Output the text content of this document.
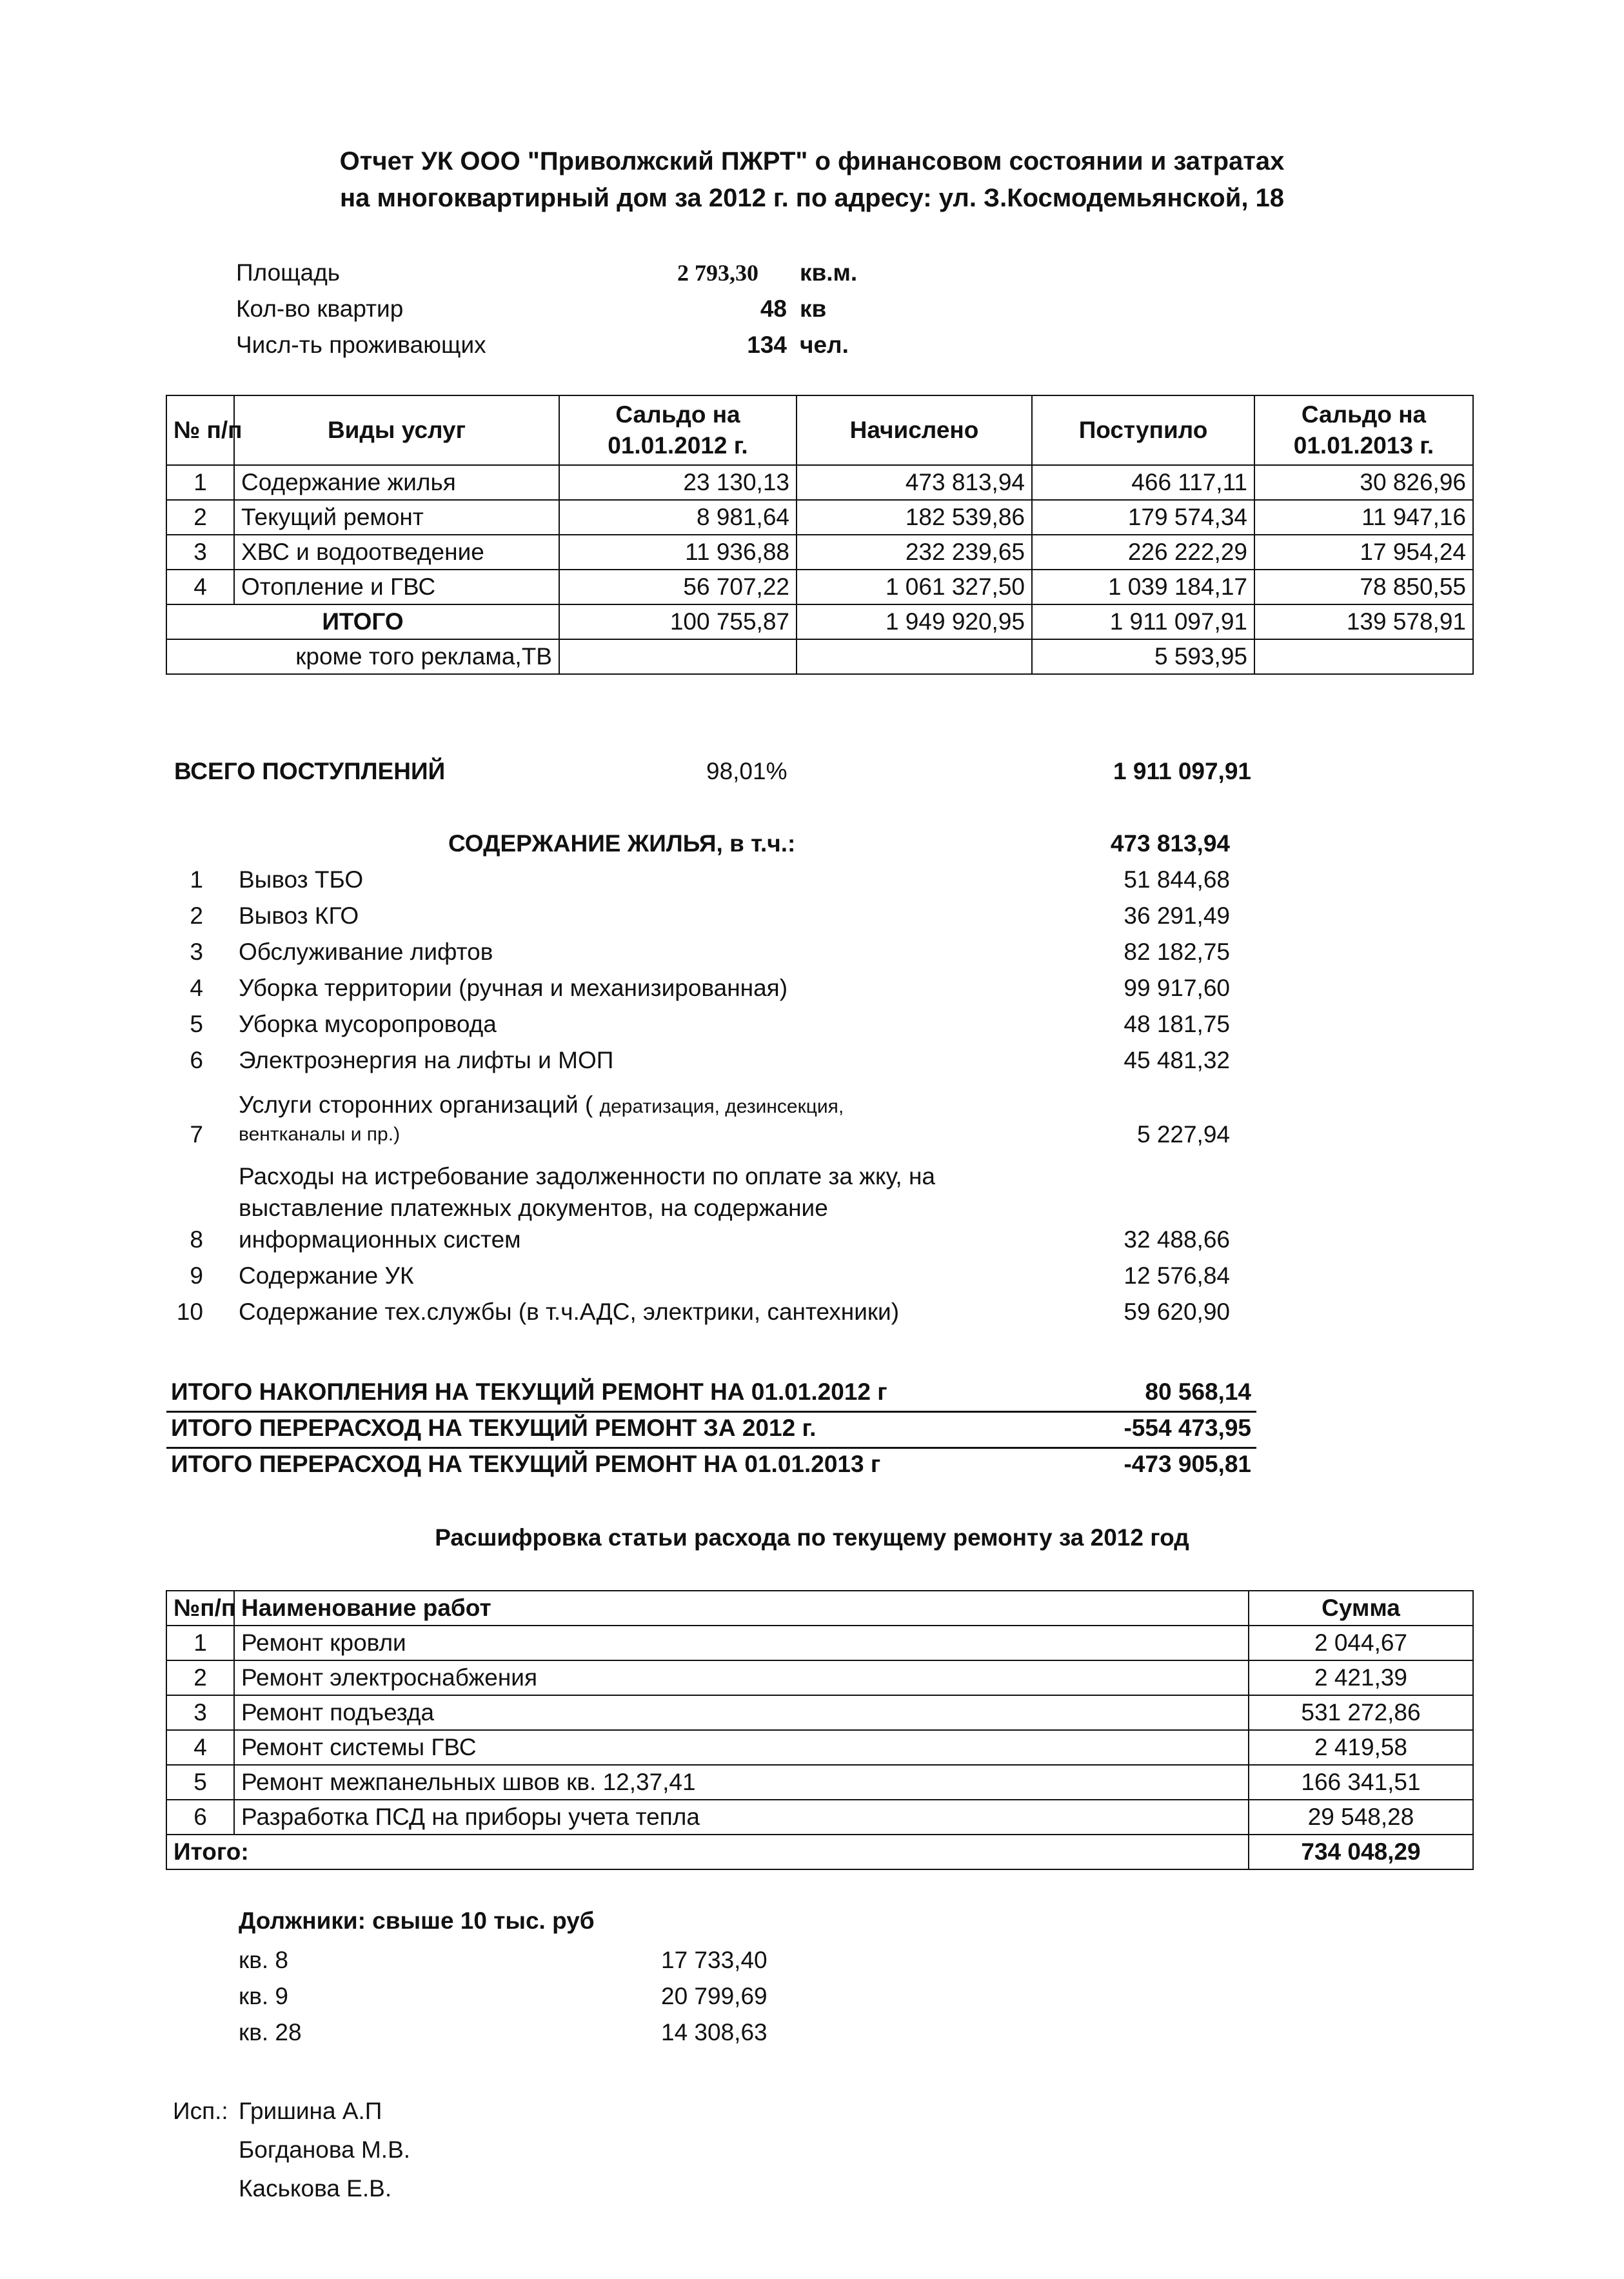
Отчет УК ООО "Приволжский ПЖРТ" о финансовом состоянии и затратах
на многоквартирный дом за 2012 г. по адресу: ул. З.Космодемьянской, 18
Площадь	2 793,30 кв.м.
Кол-во квартир	48 кв
Числ-ть проживающих	134 чел.
№ п/п	Виды услуг	Сальдо на 01.01.2012 г.	Начислено	Поступило	Сальдо на 01.01.2013 г.
1	Содержание жилья	23 130,13	473 813,94	466 117,11	30 826,96
2	Текущий ремонт	8 981,64	182 539,86	179 574,34	11 947,16
3	ХВС и водоотведение	11 936,88	232 239,65	226 222,29	17 954,24
4	Отопление и ГВС	56 707,22	1 061 327,50	1 039 184,17	78 850,55
ИТОГО		100 755,87	1 949 920,95	1 911 097,91	139 578,91
кроме того реклама,ТВ				5 593,95	
ВСЕГО ПОСТУПЛЕНИЙ	98,01%	1 911 097,91
СОДЕРЖАНИЕ ЖИЛЬЯ, в т.ч.:	473 813,94
1 Вывоз ТБО	51 844,68
2 Вывоз КГО	36 291,49
3 Обслуживание лифтов	82 182,75
4 Уборка территории (ручная и механизированная)	99 917,60
5 Уборка мусоропровода	48 181,75
6 Электроэнергия на лифты и МОП	45 481,32
Услуги сторонних организаций ( дератизация, дезинсекция,
7 вентканалы и пр.)	5 227,94
Расходы на истребование задолженности по оплате за жку, на
выставление платежных документов, на содержание
8 информационных систем	32 488,66
9 Содержание УК	12 576,84
10 Содержание тех.службы (в т.ч.АДС, электрики, сантехники)	59 620,90
ИТОГО НАКОПЛЕНИЯ НА ТЕКУЩИЙ РЕМОНТ НА 01.01.2012 г	80 568,14
ИТОГО ПЕРЕРАСХОД НА ТЕКУЩИЙ РЕМОНТ ЗА 2012 г.	-554 473,95
ИТОГО ПЕРЕРАСХОД НА ТЕКУЩИЙ РЕМОНТ НА 01.01.2013 г	-473 905,81
Расшифровка статьи расхода по текущему ремонту за 2012 год
№п/п	Наименование работ	Сумма
1	Ремонт кровли	2 044,67
2	Ремонт электроснабжения	2 421,39
3	Ремонт подъезда	531 272,86
4	Ремонт системы ГВС	2 419,58
5	Ремонт межпанельных швов кв. 12,37,41	166 341,51
6	Разработка ПСД на приборы учета тепла	29 548,28
Итого:		734 048,29
Должники: свыше 10 тыс. руб
кв. 8	17 733,40
кв. 9	20 799,69
кв. 28	14 308,63
Исп.: Гришина А.П
Богданова М.В.
Каськова Е.В.
